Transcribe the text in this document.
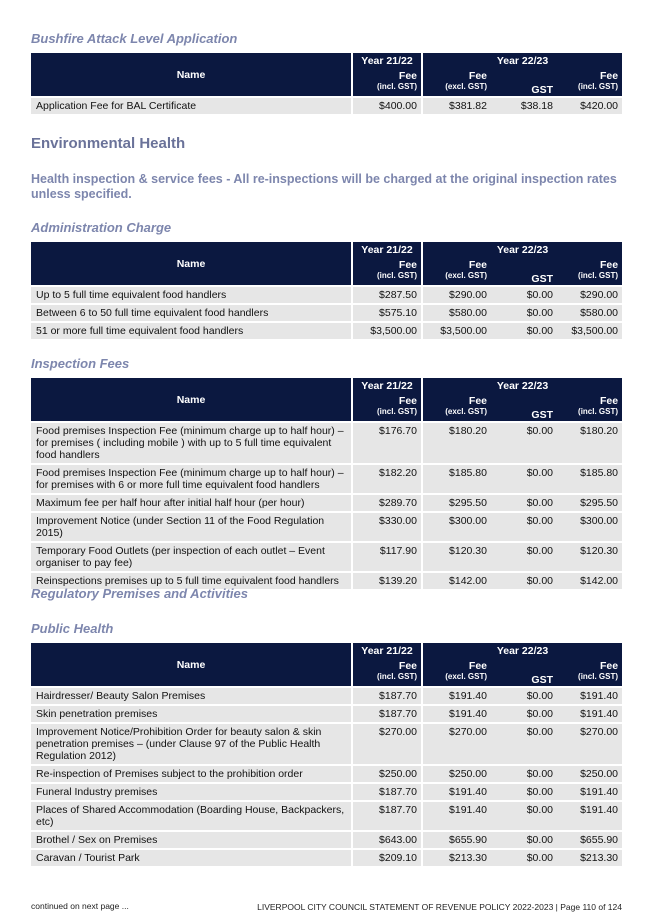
Bushfire Attack Level Application
Name	Year 21/22	Year 22/23		
	Fee	Fee	GST	Fee
	(incl. GST)	(excl. GST)		(incl. GST)
Application Fee for BAL Certificate	$400.00	$381.82	$38.18	$420.00
Environmental Health
Health inspection & service fees - All re-inspections will be charged at the original inspection rates unless specified.
Administration Charge
Name	Year 21/22	Year 22/23		
	Fee	Fee	GST	Fee
	(incl. GST)	(excl. GST)		(incl. GST)
Up to 5 full time equivalent food handlers	$287.50	$290.00	$0.00	$290.00
Between 6 to 50 full time equivalent food handlers	$575.10	$580.00	$0.00	$580.00
51 or more full time equivalent food handlers	$3,500.00	$3,500.00	$0.00	$3,500.00
Inspection Fees
Name	Year 21/22	Year 22/23		
	Fee	Fee	GST	Fee
	(incl. GST)	(excl. GST)		(incl. GST)
Food premises Inspection Fee (minimum charge up to half hour) – for premises ( including mobile ) with up to 5 full time equivalent food handlers	$176.70	$180.20	$0.00	$180.20
Food premises Inspection Fee (minimum charge up to half hour) – for premises with 6 or more full time equivalent food handlers	$182.20	$185.80	$0.00	$185.80
Maximum fee per half hour after initial half hour (per hour)	$289.70	$295.50	$0.00	$295.50
Improvement Notice (under Section 11 of the Food Regulation 2015)	$330.00	$300.00	$0.00	$300.00
Temporary Food Outlets (per inspection of each outlet – Event organiser to pay fee)	$117.90	$120.30	$0.00	$120.30
Reinspections premises up to 5 full time equivalent food handlers	$139.20	$142.00	$0.00	$142.00
Regulatory Premises and Activities
Public Health
Name	Year 21/22	Year 22/23		
	Fee	Fee	GST	Fee
	(incl. GST)	(excl. GST)		(incl. GST)
Hairdresser/ Beauty Salon Premises	$187.70	$191.40	$0.00	$191.40
Skin penetration premises	$187.70	$191.40	$0.00	$191.40
Improvement Notice/Prohibition Order for beauty salon & skin penetration premises – (under Clause 97 of the Public Health Regulation 2012)	$270.00	$270.00	$0.00	$270.00
Re-inspection of Premises subject to the prohibition order	$250.00	$250.00	$0.00	$250.00
Funeral Industry premises	$187.70	$191.40	$0.00	$191.40
Places of Shared Accommodation (Boarding House, Backpackers, etc)	$187.70	$191.40	$0.00	$191.40
Brothel / Sex on Premises	$643.00	$655.90	$0.00	$655.90
Caravan / Tourist Park	$209.10	$213.30	$0.00	$213.30
continued on next page ...	LIVERPOOL CITY COUNCIL STATEMENT OF REVENUE POLICY 2022-2023 | Page 110 of 124
